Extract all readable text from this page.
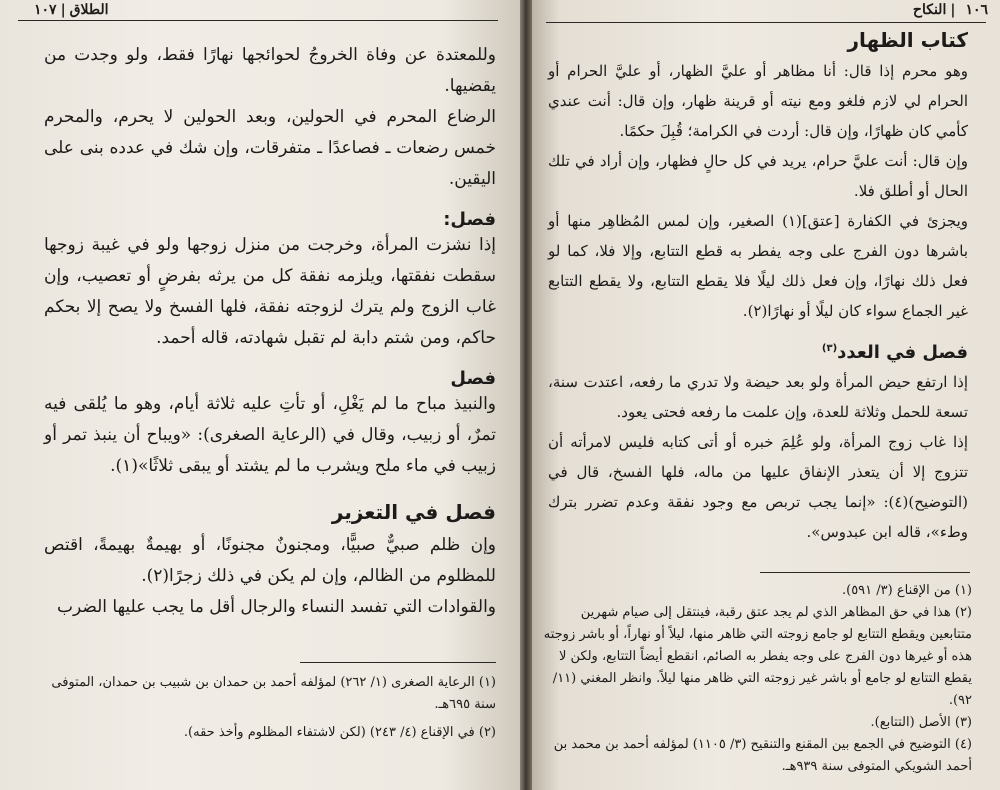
الطلاق|١٠٧

وللمعتدة عن وفاة الخروجُ لحوائجها نهارًا فقط، ولو وجدت من يقضيها.

الرضاع المحرم في الحولين، وبعد الحولين لا يحرم، والمحرم خمس رضعات ـ فصاعدًا ـ متفرقات، وإن شك في عدده بنى على اليقين.

فصل:

إذا نشزت المرأة، وخرجت من منزل زوجها ولو في غيبة زوجها سقطت نفقتها، ويلزمه نفقة كل من يرثه بفرضٍ أو تعصيب، وإن غاب الزوج ولم يترك لزوجته نفقة، فلها الفسخ ولا يصح إلا بحكم حاكم، ومن شتم دابة لم تقبل شهادته، قاله أحمد.

فصل

والنبيذ مباح ما لم يَغْلِ، أو تأتِ عليه ثلاثة أيام، وهو ما يُلقى فيه تمرٌ، أو زبيب، وقال في (الرعاية الصغرى): «ويباح أن ينبذ تمر أو زبيب في ماء ملح ويشرب ما لم يشتد أو يبقى ثلاثًا»(١).

فصل في التعزير

وإن ظلم صبيٌّ صبيًّا، ومجنونٌ مجنونًا، أو بهيمةٌ بهيمةً، اقتص للمظلوم من الظالم، وإن لم يكن في ذلك زجرًا(٢).

والقوادات التي تفسد النساء والرجال أقل ما يجب عليها الضرب

(١) الرعاية الصغرى (١/ ٢٦٢) لمؤلفه أحمد بن حمدان بن شبيب بن حمدان، المتوفى سنة ٦٩٥هـ.

(٢) في الإقناع (٤/ ٢٤٣) (لكن لاشتفاء المظلوم وأخذ حقه).

١٠٦|النكاح

كتاب الظهار

وهو محرم إذا قال: أنا مظاهر أو عليَّ الظهار، أو عليَّ الحرام أو الحرام لي لازم فلغو ومع نيته أو قرينة ظهار، وإن قال: أنت عندي كأمي كان ظهارًا، وإن قال: أردت في الكرامة؛ قُبِلَ حكمًا.

وإن قال: أنت عليَّ حرام، يريد في كل حالٍ فظهار، وإن أراد في تلك الحال أو أطلق فلا.

ويجزئ في الكفارة [عتق](١) الصغير، وإن لمس المُظاهِر منها أو باشرها دون الفرج على وجه يفطر به قطع التتابع، وإلا فلا، كما لو فعل ذلك نهارًا، وإن فعل ذلك ليلًا فلا يقطع التتابع، ولا يقطع التتابع غير الجماع سواء كان ليلًا أو نهارًا(٢).

فصل في العدد$^{(٣)}$

إذا ارتفع حيض المرأة ولو بعد حيضة ولا تدري ما رفعه، اعتدت سنة، تسعة للحمل وثلاثة للعدة، وإن علمت ما رفعه فحتى يعود.

إذا غاب زوج المرأة، ولو عُلِمَ خبره أو أتى كتابه فليس لامرأته أن تتزوج إلا أن يتعذر الإنفاق عليها من ماله، فلها الفسخ، قال في (التوضيح)(٤): «إنما يجب تربص مع وجود نفقة وعدم تضرر بترك وطء»، قاله ابن عبدوس».

(١) من الإقناع (٣/ ٥٩١).

(٢) هذا في حق المظاهر الذي لم يجد عتق رقبة، فينتقل إلى صيام شهرين متتابعين ويقطع التتابع لو جامع زوجته التي ظاهر منها، ليلاً أو نهاراً، أو باشر زوجته هذه أو غيرها دون الفرج على وجه يفطر به الصائم، انقطع أيضاً التتابع، ولكن لا يقطع التتابع لو جامع أو باشر غير زوجته التي ظاهر منها ليلاً. وانظر المغني (١١/ ٩٢).

(٣) الأصل (التتابع).

(٤) التوضيح في الجمع بين المقنع والتنقيح (٣/ ١١٠٥) لمؤلفه أحمد بن محمد بن أحمد الشويكي المتوفى سنة ٩٣٩هـ.
